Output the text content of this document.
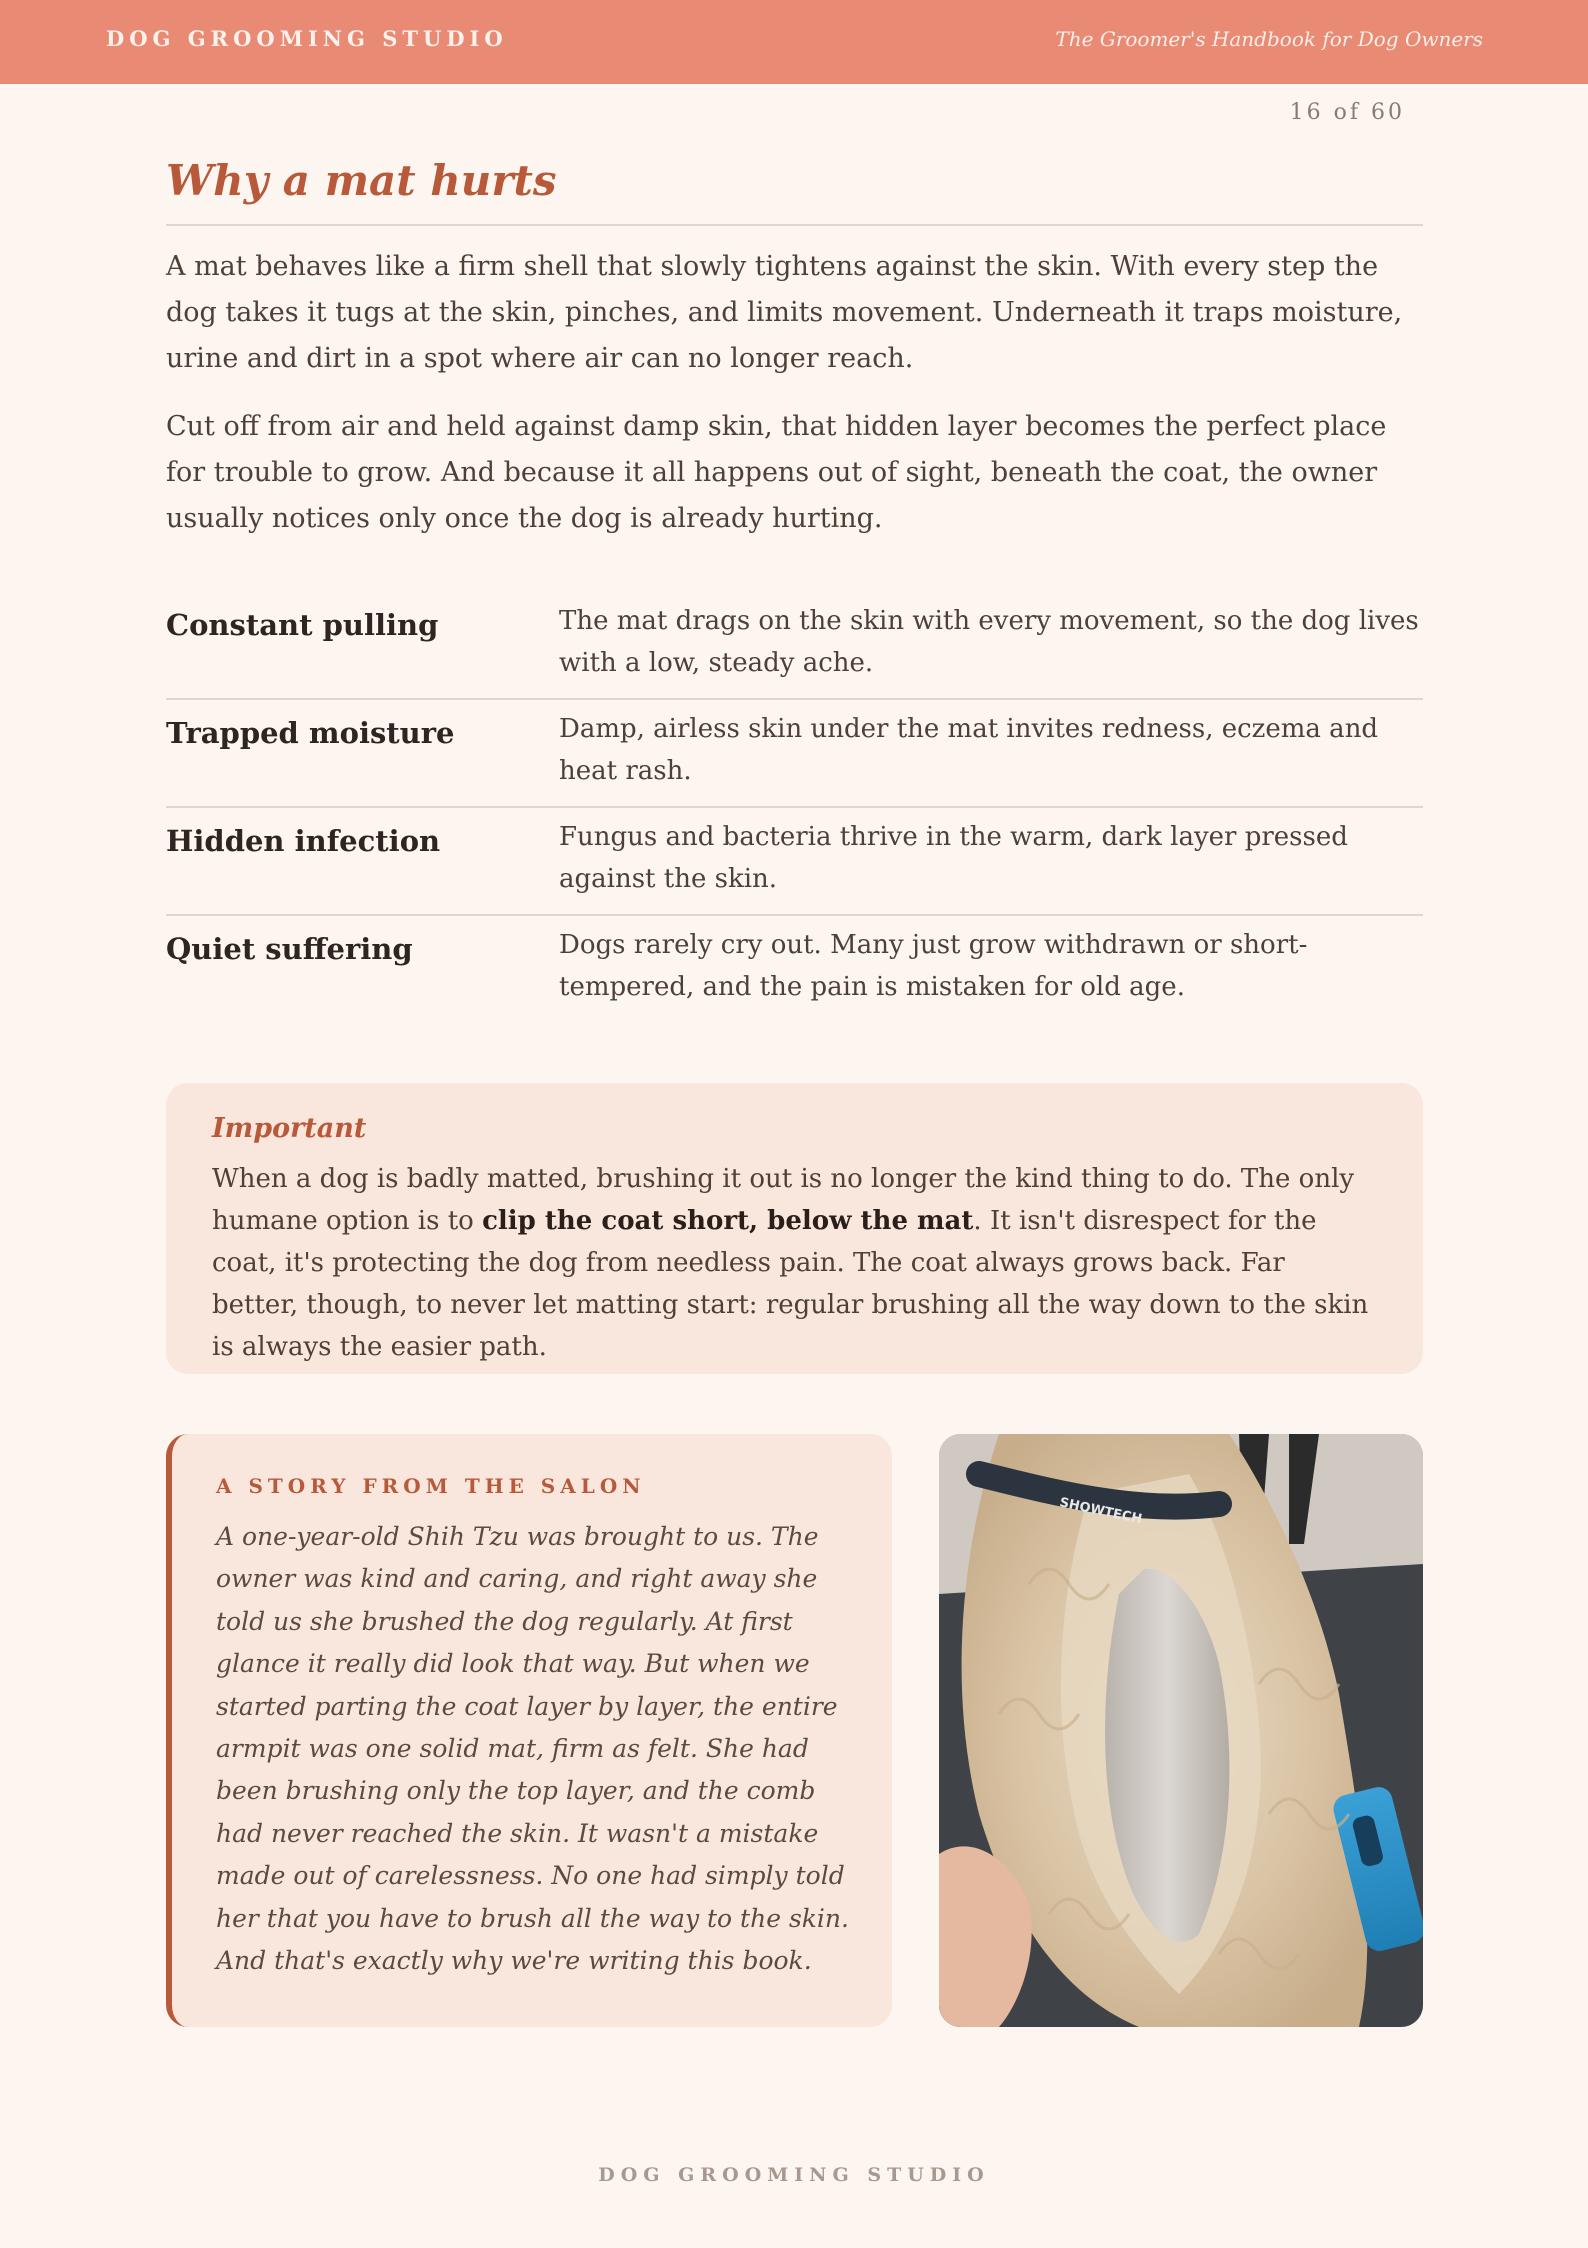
DOG GROOMING STUDIO	The Groomer's Handbook for Dog Owners
16 of 60
Why a mat hurts

A mat behaves like a firm shell that slowly tightens against the skin. With every step the dog takes it tugs at the skin, pinches, and limits movement. Underneath it traps moisture, urine and dirt in a spot where air can no longer reach.

Cut off from air and held against damp skin, that hidden layer becomes the perfect place for trouble to grow. And because it all happens out of sight, beneath the coat, the owner usually notices only once the dog is already hurting.

Constant pulling	The mat drags on the skin with every movement, so the dog lives with a low, steady ache.
Trapped moisture	Damp, airless skin under the mat invites redness, eczema and heat rash.
Hidden infection	Fungus and bacteria thrive in the warm, dark layer pressed against the skin.
Quiet suffering	Dogs rarely cry out. Many just grow withdrawn or short-tempered, and the pain is mistaken for old age.
Important

When a dog is badly matted, brushing it out is no longer the kind thing to do. The only humane option is to clip the coat short, below the mat. It isn't disrespect for the coat, it's protecting the dog from needless pain. The coat always grows back. Far better, though, to never let matting start: regular brushing all the way down to the skin is always the easier path.

A STORY FROM THE SALON

A one-year-old Shih Tzu was brought to us. The owner was kind and caring, and right away she told us she brushed the dog regularly. At first glance it really did look that way. But when we started parting the coat layer by layer, the entire armpit was one solid mat, firm as felt. She had been brushing only the top layer, and the comb had never reached the skin. It wasn't a mistake made out of carelessness. No one had simply told her that you have to brush all the way to the skin. And that's exactly why we're writing this book.

SHOWTECH
DOG GROOMING STUDIO
